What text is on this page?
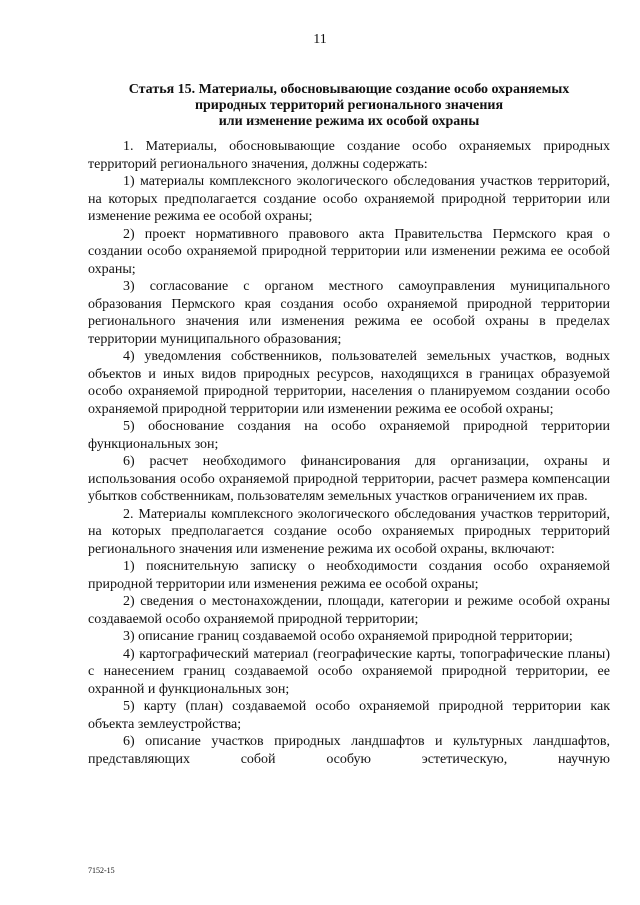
11
Статья 15. Материалы, обосновывающие создание особо охраняемых
природных территорий регионального значения
или изменение режима их особой охраны

1. Материалы, обосновывающие создание особо охраняемых природных территорий регионального значения, должны содержать:

1) материалы комплексного экологического обследования участков территорий, на которых предполагается создание особо охраняемой природной территории или изменение режима ее особой охраны;

2) проект нормативного правового акта Правительства Пермского края о создании особо охраняемой природной территории или изменении режима ее особой охраны;

3) согласование с органом местного самоуправления муниципального образования Пермского края создания особо охраняемой природной территории регионального значения или изменения режима ее особой охраны в пределах территории муниципального образования;

4) уведомления собственников, пользователей земельных участков, водных объектов и иных видов природных ресурсов, находящихся в границах образуемой особо охраняемой природной территории, населения о планируемом создании особо охраняемой природной территории или изменении режима ее особой охраны;

5) обоснование создания на особо охраняемой природной территории функциональных зон;

6) расчет необходимого финансирования для организации, охраны и использования особо охраняемой природной территории, расчет размера компенсации убытков собственникам, пользователям земельных участков ограничением их прав.

2. Материалы комплексного экологического обследования участков территорий, на которых предполагается создание особо охраняемых природных территорий регионального значения или изменение режима их особой охраны, включают:

1) пояснительную записку о необходимости создания особо охраняемой природной территории или изменения режима ее особой охраны;

2) сведения о местонахождении, площади, категории и режиме особой охраны создаваемой особо охраняемой природной территории;

3) описание границ создаваемой особо охраняемой природной территории;

4) картографический материал (географические карты, топографические планы) с нанесением границ создаваемой особо охраняемой природной территории, ее охранной и функциональных зон;

5) карту (план) создаваемой особо охраняемой природной территории как объекта землеустройства;

6) описание участков природных ландшафтов и культурных ландшафтов, представляющих собой особую эстетическую, научную

7152-15
